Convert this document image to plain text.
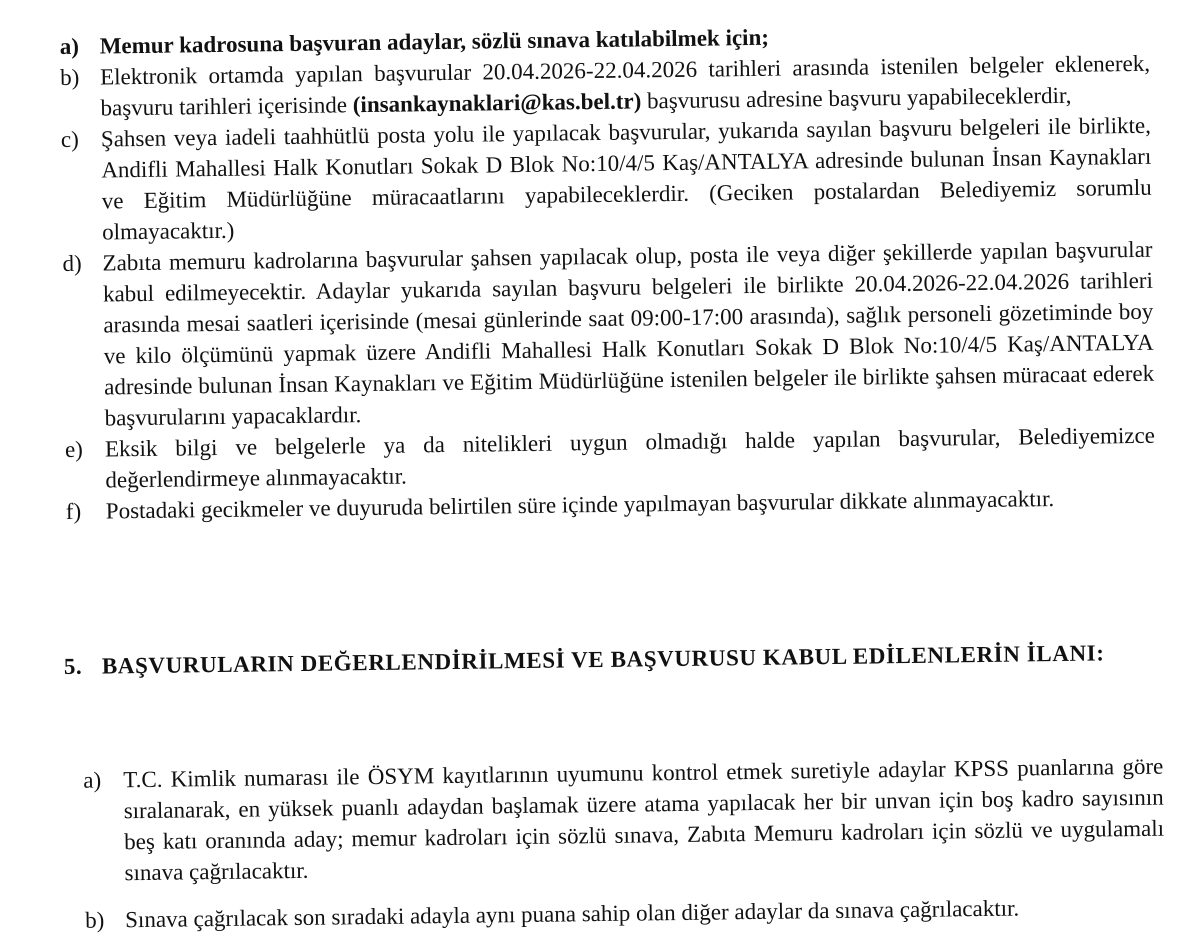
a) Memur kadrosuna başvuran adaylar, sözlü sınava katılabilmek için;
b) Elektronik ortamda yapılan başvurular 20.04.2026-22.04.2026 tarihleri arasında istenilen belgeler eklenerek, başvuru tarihleri içerisinde (insankaynaklari@kas.bel.tr) başvurusu adresine başvuru yapabileceklerdir,
c) Şahsen veya iadeli taahhütlü posta yolu ile yapılacak başvurular, yukarıda sayılan başvuru belgeleri ile birlikte, Andifli Mahallesi Halk Konutları Sokak D Blok No:10/4/5 Kaş/ANTALYA adresinde bulunan İnsan Kaynakları ve Eğitim Müdürlüğüne müracaatlarını yapabileceklerdir. (Geciken postalardan Belediyemiz sorumlu olmayacaktır.)
d) Zabıta memuru kadrolarına başvurular şahsen yapılacak olup, posta ile veya diğer şekillerde yapılan başvurular kabul edilmeyecektir. Adaylar yukarıda sayılan başvuru belgeleri ile birlikte 20.04.2026-22.04.2026 tarihleri arasında mesai saatleri içerisinde (mesai günlerinde saat 09:00-17:00 arasında), sağlık personeli gözetiminde boy ve kilo ölçümünü yapmak üzere Andifli Mahallesi Halk Konutları Sokak D Blok No:10/4/5 Kaş/ANTALYA adresinde bulunan İnsan Kaynakları ve Eğitim Müdürlüğüne istenilen belgeler ile birlikte şahsen müracaat ederek başvurularını yapacaklardır.
e) Eksik bilgi ve belgelerle ya da nitelikleri uygun olmadığı halde yapılan başvurular, Belediyemizce değerlendirmeye alınmayacaktır.
f) Postadaki gecikmeler ve duyuruda belirtilen süre içinde yapılmayan başvurular dikkate alınmayacaktır.
5. BAŞVURULARIN DEĞERLENDİRİLMESİ VE BAŞVURUSU KABUL EDİLENLERİN İLANI:
a) T.C. Kimlik numarası ile ÖSYM kayıtlarının uyumunu kontrol etmek suretiyle adaylar KPSS puanlarına göre sıralanarak, en yüksek puanlı adaydan başlamak üzere atama yapılacak her bir unvan için boş kadro sayısının beş katı oranında aday; memur kadroları için sözlü sınava, Zabıta Memuru kadroları için sözlü ve uygulamalı sınava çağrılacaktır.
b) Sınava çağrılacak son sıradaki adayla aynı puana sahip olan diğer adaylar da sınava çağrılacaktır.
